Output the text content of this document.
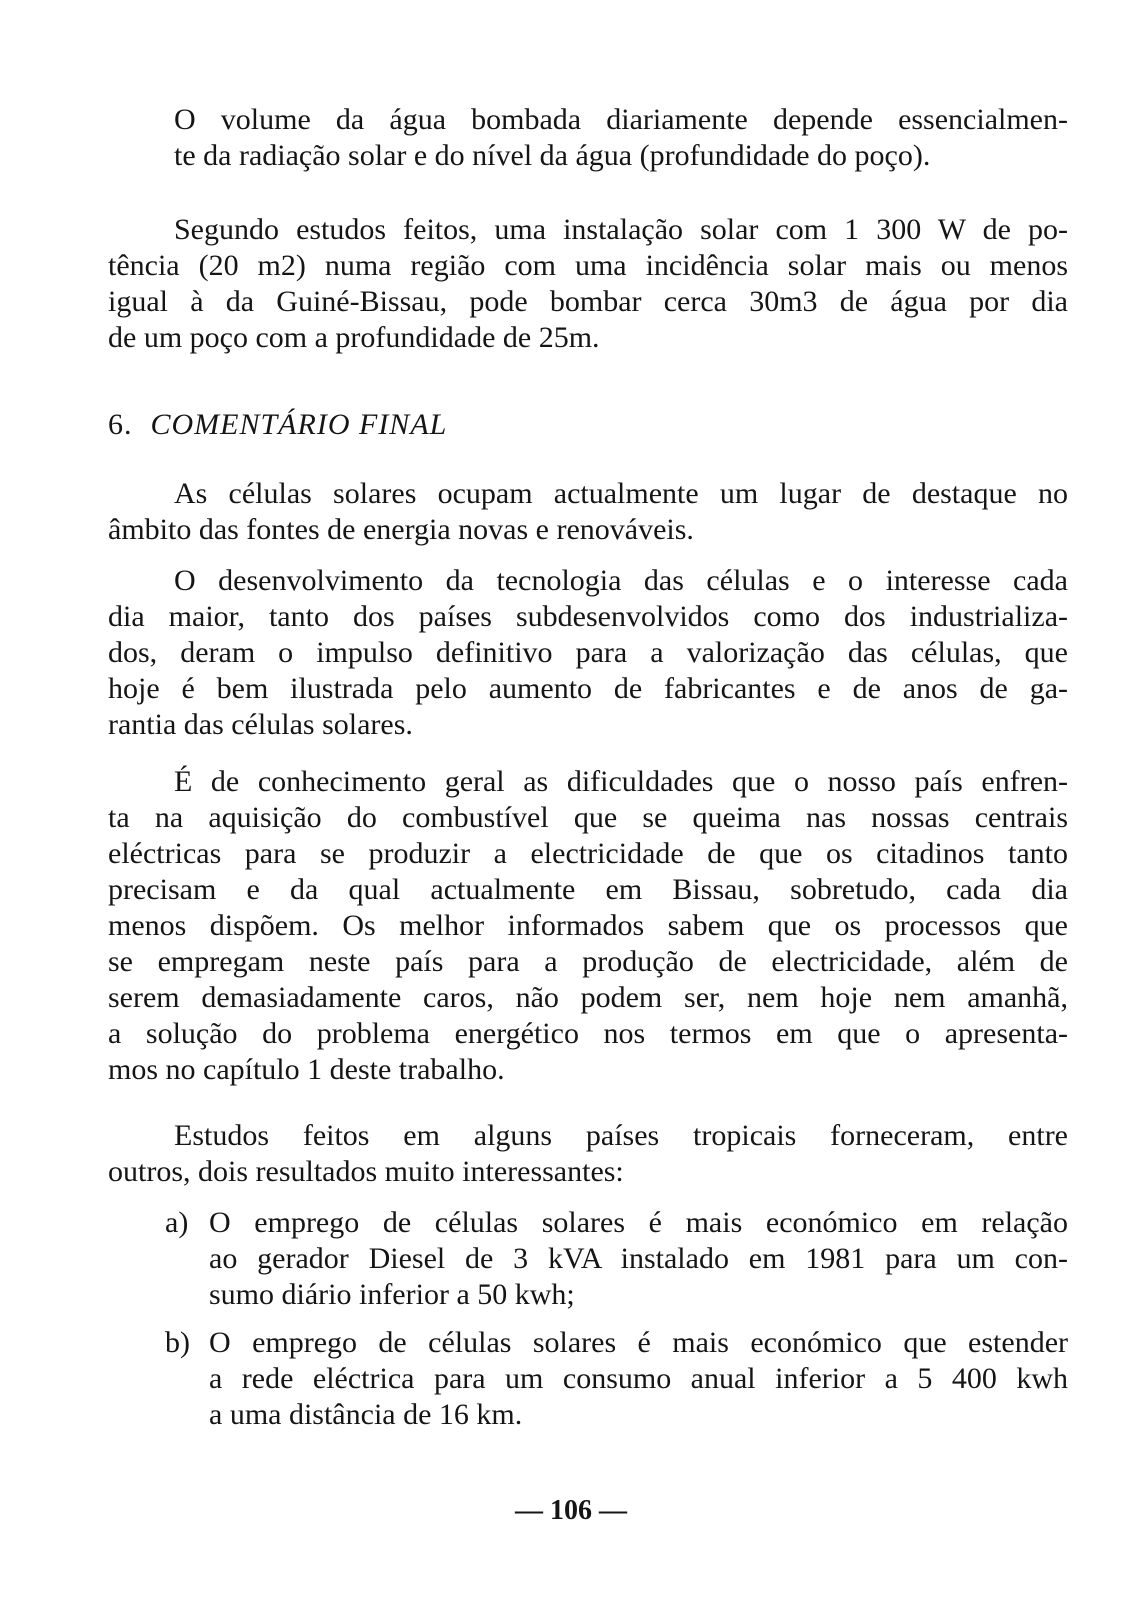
O volume da água bombada diariamente depende essencialmen-
te da radiação solar e do nível da água (profundidade do poço).

Segundo estudos feitos, uma instalação solar com 1 300 W de po-
tência (20 m2) numa região com uma incidência solar mais ou menos
igual à da Guiné-Bissau, pode bombar cerca 30m3 de água por dia
de um poço com a profundidade de 25m.

6. COMENTÁRIO FINAL

As células solares ocupam actualmente um lugar de destaque no
âmbito das fontes de energia novas e renováveis.

O desenvolvimento da tecnologia das células e o interesse cada
dia maior, tanto dos países subdesenvolvidos como dos industrializa-
dos, deram o impulso definitivo para a valorização das células, que
hoje é bem ilustrada pelo aumento de fabricantes e de anos de ga-
rantia das células solares.

É de conhecimento geral as dificuldades que o nosso país enfren-
ta na aquisição do combustível que se queima nas nossas centrais
eléctricas para se produzir a electricidade de que os citadinos tanto
precisam e da qual actualmente em Bissau, sobretudo, cada dia
menos dispõem. Os melhor informados sabem que os processos que
se empregam neste país para a produção de electricidade, além de
serem demasiadamente caros, não podem ser, nem hoje nem amanhã,
a solução do problema energético nos termos em que o apresenta-
mos no capítulo 1 deste trabalho.

Estudos feitos em alguns países tropicais forneceram, entre
outros, dois resultados muito interessantes:

a) O emprego de células solares é mais económico em relação
ao gerador Diesel de 3 kVA instalado em 1981 para um con-
sumo diário inferior a 50 kwh;

b) O emprego de células solares é mais económico que estender
a rede eléctrica para um consumo anual inferior a 5 400 kwh
a uma distância de 16 km.

— 106 —
